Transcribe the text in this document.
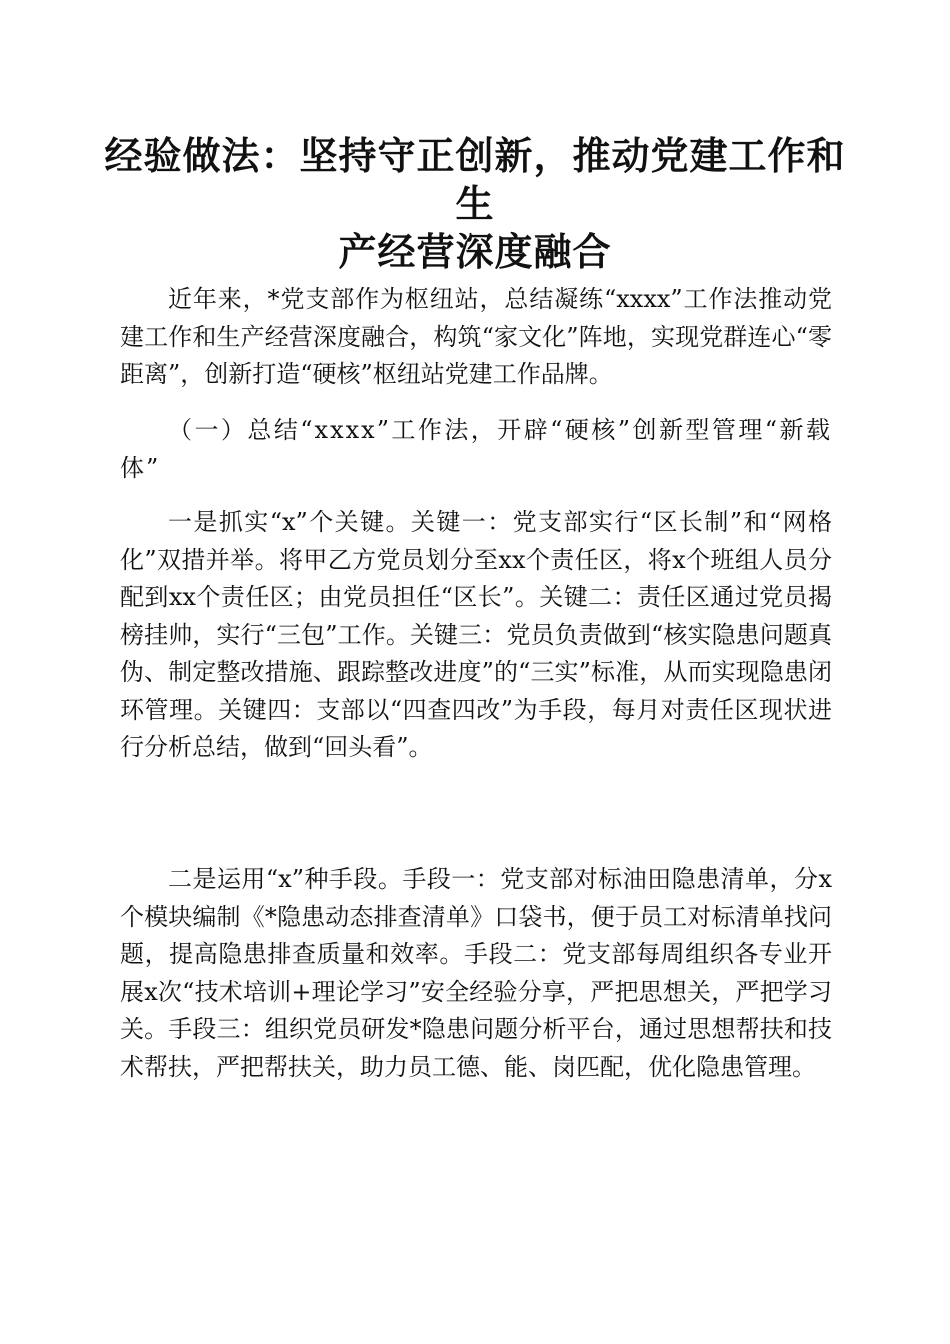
经验做法：坚持守正创新，推动党建工作和生
产经营深度融合

近年来，*党支部作为枢纽站，总结凝练“xxxx”工作法推动党建工作和生产经营深度融合，构筑“家文化”阵地，实现党群连心“零距离”，创新打造“硬核”枢纽站党建工作品牌。

（一）总结“xxxx”工作法，开辟“硬核”创新型管理“新载体”

一是抓实“x”个关键。关键一：党支部实行“区长制”和“网格化”双措并举。将甲乙方党员划分至xx个责任区，将x个班组人员分配到xx个责任区；由党员担任“区长”。关键二：责任区通过党员揭榜挂帅，实行“三包”工作。关键三：党员负责做到“核实隐患问题真伪、制定整改措施、跟踪整改进度”的“三实”标准，从而实现隐患闭环管理。关键四：支部以“四查四改”为手段，每月对责任区现状进行分析总结，做到“回头看”。

二是运用“x”种手段。手段一：党支部对标油田隐患清单，分x个模块编制《*隐患动态排查清单》口袋书，便于员工对标清单找问题，提高隐患排查质量和效率。手段二：党支部每周组织各专业开展x次“技术培训+理论学习”安全经验分享，严把思想关，严把学习关。手段三：组织党员研发*隐患问题分析平台，通过思想帮扶和技术帮扶，严把帮扶关，助力员工德、能、岗匹配，优化隐患管理。
